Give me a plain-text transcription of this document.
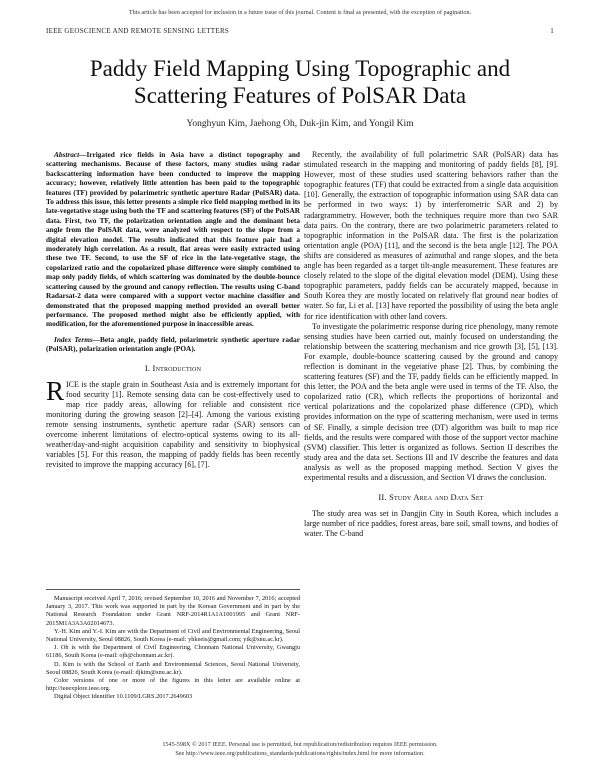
This article has been accepted for inclusion in a future issue of this journal. Content is final as presented, with the exception of pagination.
IEEE GEOSCIENCE AND REMOTE SENSING LETTERS	1
Paddy Field Mapping Using Topographic and
Scattering Features of PolSAR Data
Yonghyun Kim, Jaehong Oh, Duk-jin Kim, and Yongil Kim
Abstract—Irrigated rice fields in Asia have a distinct topography and scattering mechanisms. Because of these factors, many studies using radar backscattering information have been conducted to improve the mapping accuracy; however, relatively little attention has been paid to the topographic features (TF) provided by polarimetric synthetic aperture Radar (PolSAR) data. To address this issue, this letter presents a simple rice field mapping method in its late-vegetative stage using both the TF and scattering features (SF) of the PolSAR data. First, two TF, the polarization orientation angle and the dominant beta angle from the PolSAR data, were analyzed with respect to the slope from a digital elevation model. The results indicated that this feature pair had a moderately high correlation. As a result, flat areas were easily extracted using these two TF. Second, to use the SF of rice in the late-vegetative stage, the copolarized ratio and the copolarized phase difference were simply combined to map only paddy fields, of which scattering was dominated by the double-bounce scattering caused by the ground and canopy reflection. The results using C-band Radarsat-2 data were compared with a support vector machine classifier and demonstrated that the proposed mapping method provided an overall better performance. The proposed method might also be efficiently applied, with modification, for the aforementioned purpose in inaccessible areas.
Index Terms—Beta angle, paddy field, polarimetric synthetic aperture radar (PolSAR), polarization orientation angle (POA).
I. Introduction

RICE is the staple grain in Southeast Asia and is extremely important for food security [1]. Remote sensing data can be cost-effectively used to map rice paddy areas, allowing for reliable and consistent rice monitoring during the growing season [2]–[4]. Among the various existing remote sensing instruments, synthetic aperture radar (SAR) sensors can overcome inherent limitations of electro-optical systems owing to its all-weather/day-and-night acquisition capability and sensitivity to biophysical variables [5]. For this reason, the mapping of paddy fields has been recently revisited to improve the mapping accuracy [6], [7].

Manuscript received April 7, 2016; revised September 10, 2016 and November 7, 2016; accepted January 3, 2017. This work was supported in part by the Korean Government and in part by the National Research Foundation under Grant NRF-2014R1A1A1001995 and Grant NRF-2015M1A3A3A02014673.

Y.-H. Kim and Y.-I. Kim are with the Department of Civil and Environmental Engineering, Seoul National University, Seoul 08826, South Korea (e-mail: yhkeeis@gmail.com; yik@snu.ac.kr).

J. Oh is with the Department of Civil Engineering, Chonnam National University, Gwangju 61186, South Korea (e-mail: ojh@chonnam.ac.kr).

D. Kim is with the School of Earth and Environmental Sciences, Seoul National University, Seoul 08826, South Korea (e-mail: djkim@snu.ac.kr).

Color versions of one or more of the figures in this letter are available online at http://ieeexplore.ieee.org.

Digital Object Identifier 10.1109/LGRS.2017.2649603

Recently, the availability of full polarimetric SAR (PolSAR) data has stimulated research in the mapping and monitoring of paddy fields [8], [9]. However, most of these studies used scattering behaviors rather than the topographic features (TF) that could be extracted from a single data acquisition [10]. Generally, the extraction of topographic information using SAR data can be performed in two ways: 1) by interferometric SAR and 2) by radargrammetry. However, both the techniques require more than two SAR data pairs. On the contrary, there are two polarimetric parameters related to topographic information in the PolSAR data. The first is the polarization orientation angle (POA) [11], and the second is the beta angle [12]. The POA shifts are considered as measures of azimuthal and range slopes, and the beta angle has been regarded as a target tilt-angle measurement. These features are closely related to the slope of the digital elevation model (DEM). Using these topographic parameters, paddy fields can be accurately mapped, because in South Korea they are mostly located on relatively flat ground near bodies of water. So far, Li et al. [13] have reported the possibility of using the beta angle for rice identification with other land covers.

To investigate the polarimetric response during rice phenology, many remote sensing studies have been carried out, mainly focused on understanding the relationship between the scattering mechanism and rice growth [3], [5], [13]. For example, double-bounce scattering caused by the ground and canopy reflection is dominant in the vegetative phase [2]. Thus, by combining the scattering features (SF) and the TF, paddy fields can be efficiently mapped. In this letter, the POA and the beta angle were used in terms of the TF. Also, the copolarized ratio (CR), which reflects the proportions of horizontal and vertical polarizations and the copolarized phase difference (CPD), which provides information on the type of scattering mechanism, were used in terms of SF. Finally, a simple decision tree (DT) algorithm was built to map rice fields, and the results were compared with those of the support vector machine (SVM) classifier. This letter is organized as follows. Section II describes the study area and the data set. Sections III and IV describe the features and data analysis as well as the proposed mapping method. Section V gives the experimental results and a discussion, and Section VI draws the conclusion.

II. Study Area and Data Set

The study area was set in Dangjin City in South Korea, which includes a large number of rice paddies, forest areas, bare soil, small towns, and bodies of water. The C-band

1545-598X © 2017 IEEE. Personal use is permitted, but republication/redistribution requires IEEE permission.
See http://www.ieee.org/publications_standards/publications/rights/index.html for more information.
